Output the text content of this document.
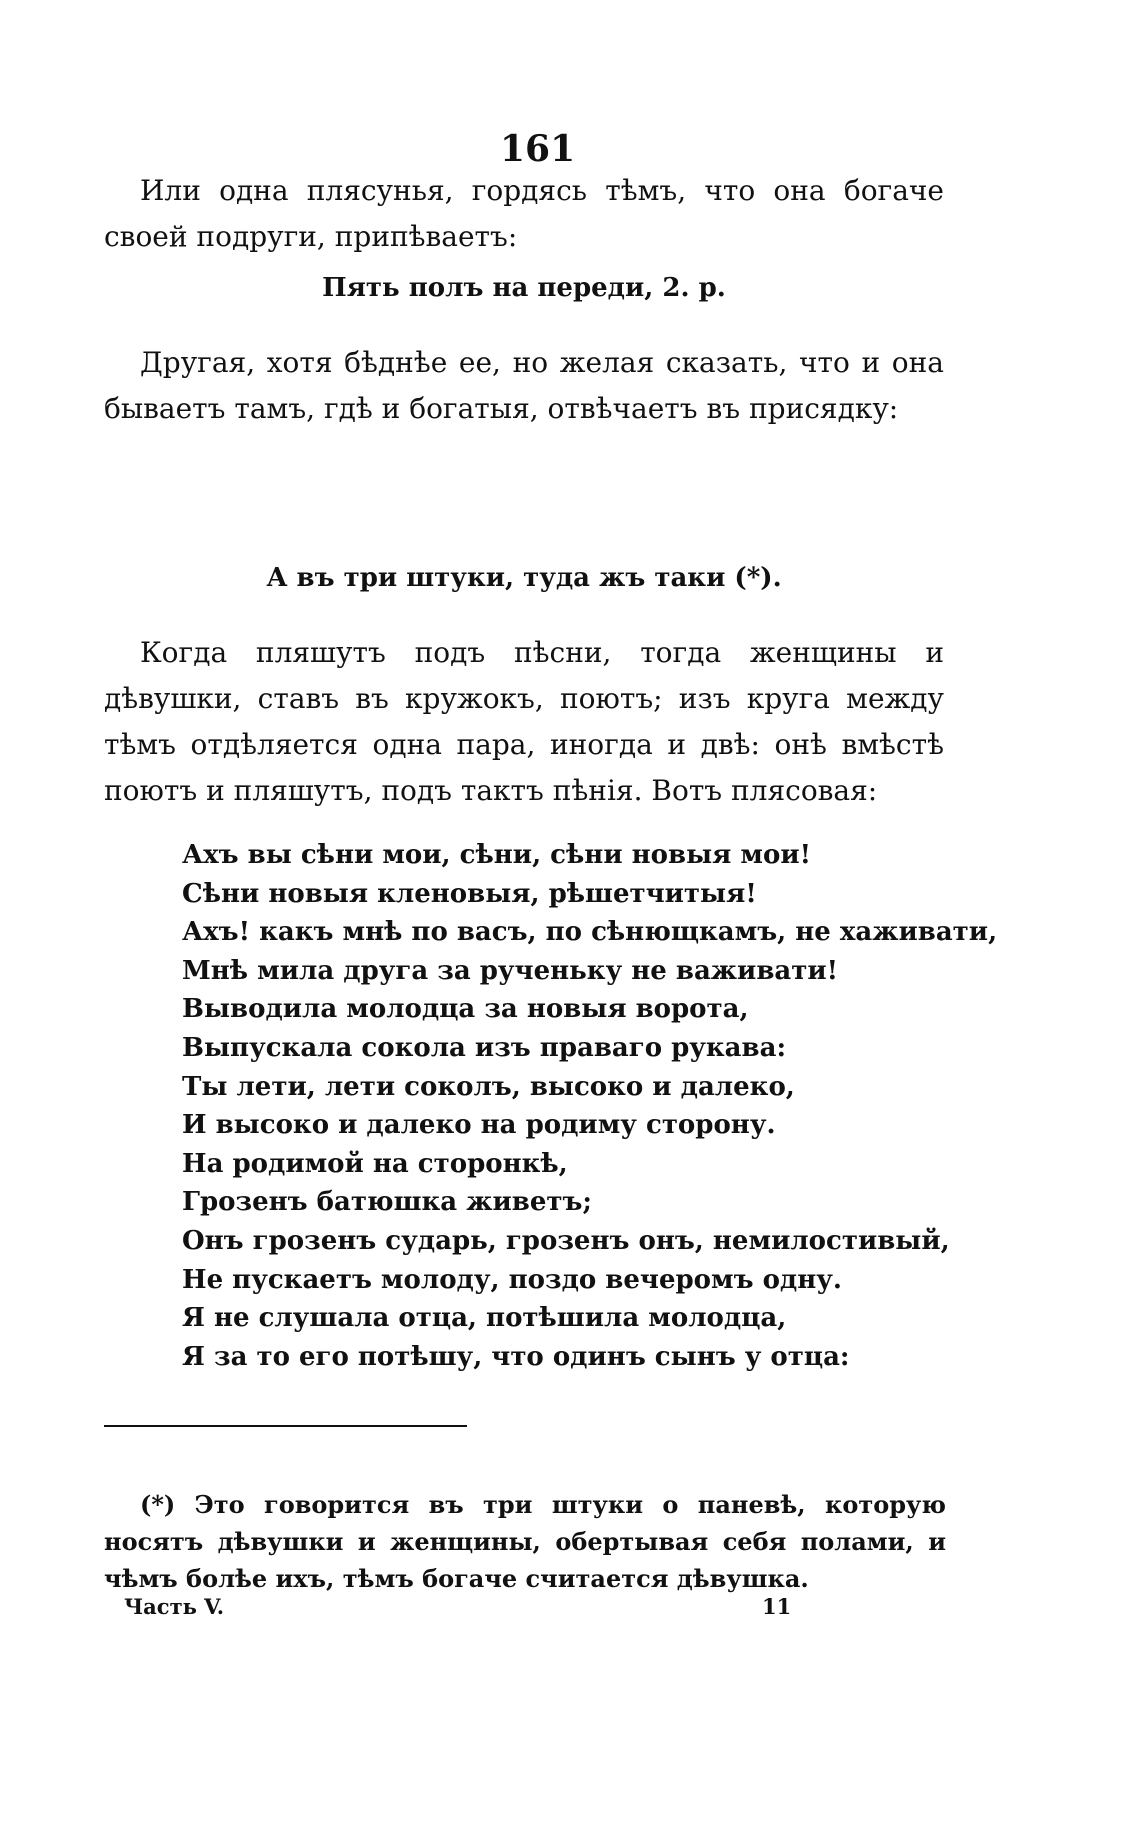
161
Или одна плясунья, гордясь тѣмъ, что она богаче своей подруги, припѣваетъ:
Пять полъ на переди, 2. р.
Другая, хотя бѣднѣе ее, но желая сказать, что и она бываетъ тамъ, гдѣ и богатыя, отвѣчаетъ въ присядку:
А въ три штуки, туда жъ таки (*).
Когда пляшутъ подъ пѣсни, тогда женщины и дѣвушки, ставъ въ кружокъ, поютъ; изъ круга между тѣмъ отдѣляется одна пара, иногда и двѣ: онѣ вмѣстѣ поютъ и пляшутъ, подъ тактъ пѣнія. Вотъ плясовая:
Ахъ вы сѣни мои, сѣни, сѣни новыя мои!
Сѣни новыя кленовыя, рѣшетчитыя!
Ахъ! какъ мнѣ по вaсъ, по сѣнющкамъ, не хаживати,
Мнѣ мила друга за рученьку не важивати!
Выводила молодца за новыя ворота,
Выпускала сокола изъ праваго рукава:
Ты лети, лети соколъ, высоко и далеко,
И высоко и далеко на родиму сторону.
На родимой на сторонкѣ,
Грозенъ батюшка живетъ;
Онъ грозенъ сударь, грозенъ онъ, немилостивый,
Не пускаетъ молоду, поздо вечеромъ одну.
Я не слушала отца, потѣшила молодца,
Я за то его потѣшу, что одинъ сынъ у отца:
(*) Это говорится въ три штуки о паневѣ, которую носятъ дѣвушки и женщины, обертывая себя полами, и чѣмъ болѣе ихъ, тѣмъ богаче считается дѣвушка.
Часть V.	11
